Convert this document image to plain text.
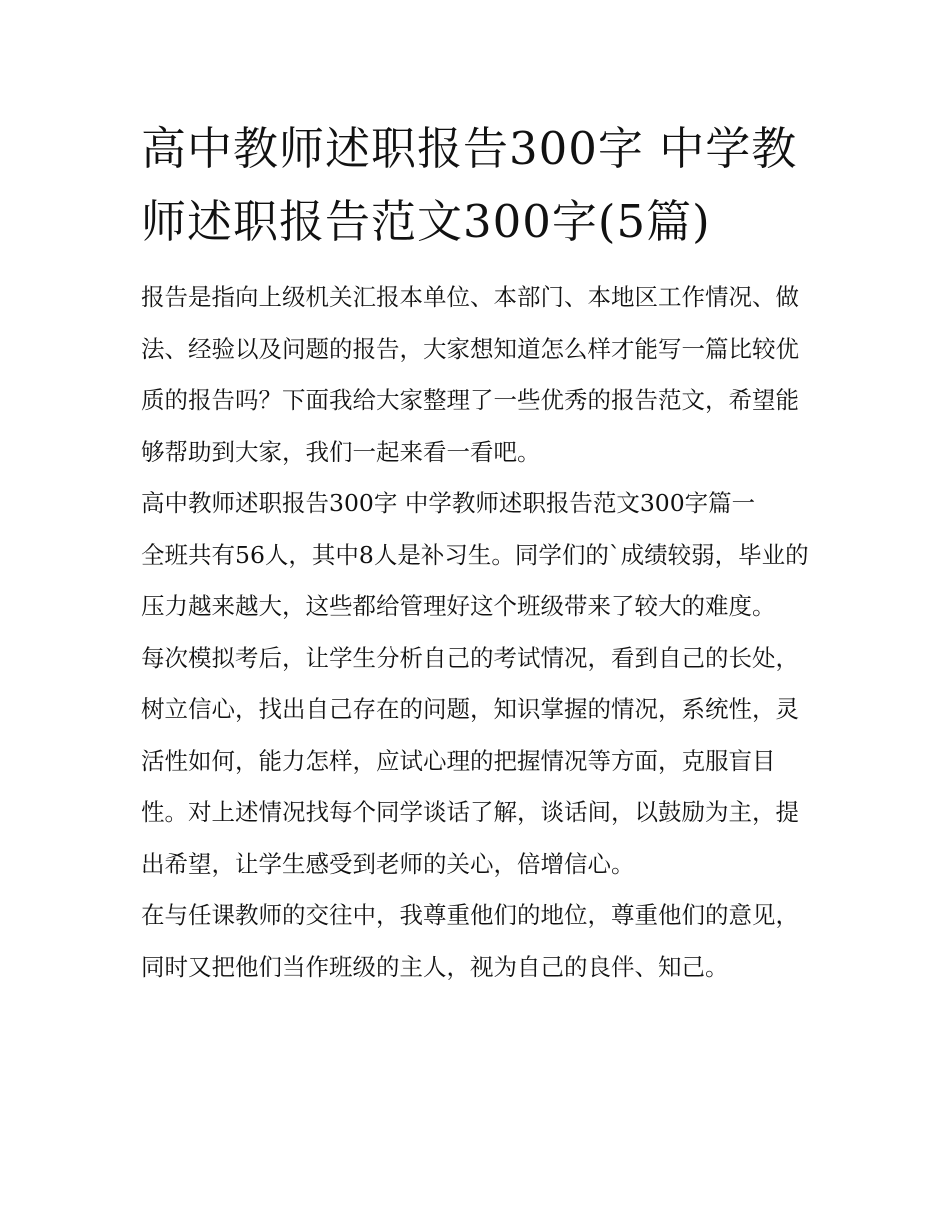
高中教师述职报告300字 中学教师述职报告范文300字(5篇)

报告是指向上级机关汇报本单位、本部门、本地区工作情况、做法、经验以及问题的报告，大家想知道怎么样才能写一篇比较优质的报告吗？下面我给大家整理了一些优秀的报告范文，希望能够帮助到大家，我们一起来看一看吧。

高中教师述职报告300字 中学教师述职报告范文300字篇一

全班共有56人，其中8人是补习生。同学们的`成绩较弱，毕业的压力越来越大，这些都给管理好这个班级带来了较大的难度。

每次模拟考后，让学生分析自己的考试情况，看到自己的长处，树立信心，找出自己存在的问题，知识掌握的情况，系统性，灵活性如何，能力怎样，应试心理的把握情况等方面，克服盲目性。对上述情况找每个同学谈话了解，谈话间，以鼓励为主，提出希望，让学生感受到老师的关心，倍增信心。

在与任课教师的交往中，我尊重他们的地位，尊重他们的意见，同时又把他们当作班级的主人，视为自己的良伴、知己。
